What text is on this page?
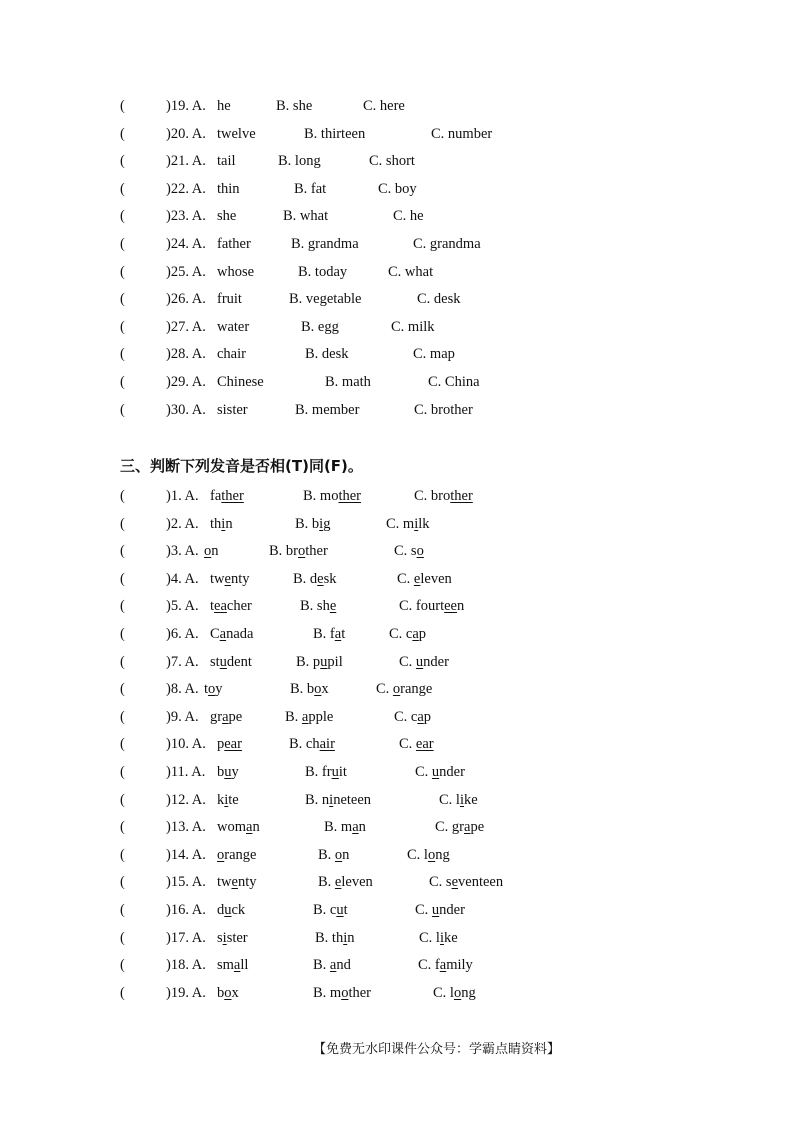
(	)19. A. he	B. she	C. here
(	)20. A. twelve	B. thirteen	C. number
(	)21. A. tail	B. long	C. short
(	)22. A. thin	B. fat	C. boy
(	)23. A. she	B. what	C. he
(	)24. A. father	B. grandma	C. grandma
(	)25. A. whose	B. today	C. what
(	)26. A. fruit	B. vegetable	C. desk
(	)27. A. water	B. egg	C. milk
(	)28. A. chair	B. desk	C. map
(	)29. A. Chinese	B. math	C. China
(	)30. A. sister	B. member	C. brother
三、判断下列发音是否相(T)同(F)。
(	)1. A. father	B. mother	C. brother
(	)2. A. thin	B. big	C. milk
(	)3. A. on	B. brother	C. so
(	)4. A. twenty	B. desk	C. eleven
(	)5. A. teacher	B. she	C. fourteen
(	)6. A. Canada	B. fat	C. cap
(	)7. A. student	B. pupil	C. under
(	)8. A. toy	B. box	C. orange
(	)9. A. grape	B. apple	C. cap
(	)10. A. pear	B. chair	C. ear
(	)11. A. buy	B. fruit	C. under
(	)12. A. kite	B. nineteen	C. like
(	)13. A. woman	B. man	C. grape
(	)14. A. orange	B. on	C. long
(	)15. A. twenty	B. eleven	C. seventeen
(	)16. A. duck	B. cut	C. under
(	)17. A. sister	B. thin	C. like
(	)18. A. small	B. and	C. family
(	)19. A. box	B. mother	C. long
【免费无水印课件公众号：学霸点睛资料】
